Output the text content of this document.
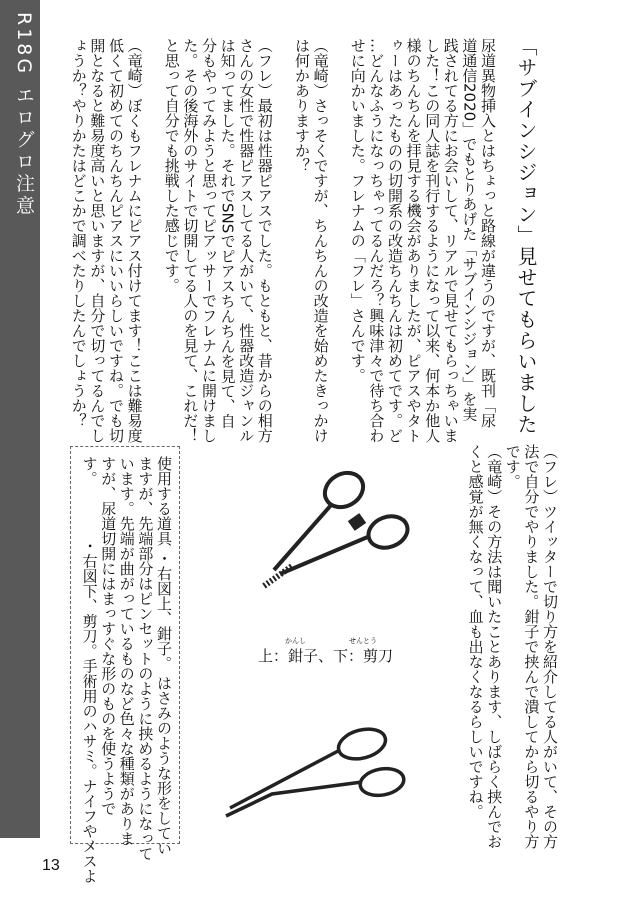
R18G エログロ注意	「サブインシジョン」見せてもらいました
尿道異物挿入とはちょっと路線が違うのですが、既刊「尿
道通信2020」でもとりあげた「サブインシジョン」を実
践されてる方にお会いして、リアルで見せてもらっちゃいま
した！この同人誌を刊行するようになって以来、何本か他人
様のちんちんを拝見する機会がありましたが、ピアスやタト
ゥーはあったものの切開系の改造ちんちんは初めてです。ど
…どんなふうになっちゃってるんだろ？興味津々で待ち合わ
せに向かいました。フレナムの「フレ」さんです。
（竜崎）さっそくですが、ちんちんの改造を始めたきっかけ
は何かありますか？
（フレ）最初は性器ピアスでした。もともと、昔からの相方
さんの女性で性器ピアスしてる人がいて、性器改造ジャンル
は知ってました。それでSNSでピアスちんちんを見て、自
分もやってみようと思ってピアッサーでフレナムに開けまし
た。その後海外のサイトで切開してる人のを見て、これだ！
と思って自分でも挑戦した感じです。
（竜崎）ぼくもフレナムにピアス付けてます！ここは難易度
低くて初めてのちんちんピアスにいいらしいですね。でも切
開となると難易度高いと思いますが、自分で切ってるんでし
ょうか？やりかたはどこかで調べたりしたんでしょうか？
（フレ）ツイッターで切り方を紹介してる人がいて、その方
法で自分でやりました。鉗子で挟んで潰してから切るやり方
です。
（竜崎）その方法は聞いたことあります、しばらく挟んでお
くと感覚が無くなって、血も出なくなるらしいですね。
使用する道具 ・右図上、鉗子。 はさみのような形をしてい
ますが、先端部分はピンセットのように挟めるようになって
います。先端が曲がっているものなど色々な種類がありま
すが、尿道切開にはまっすぐな形のものを使うようで
す。　　　　・右図下、剪刀。手術用のハサミ。ナイフやメスよ	上：鉗子、下：剪刀
かんし	せんとう
13
